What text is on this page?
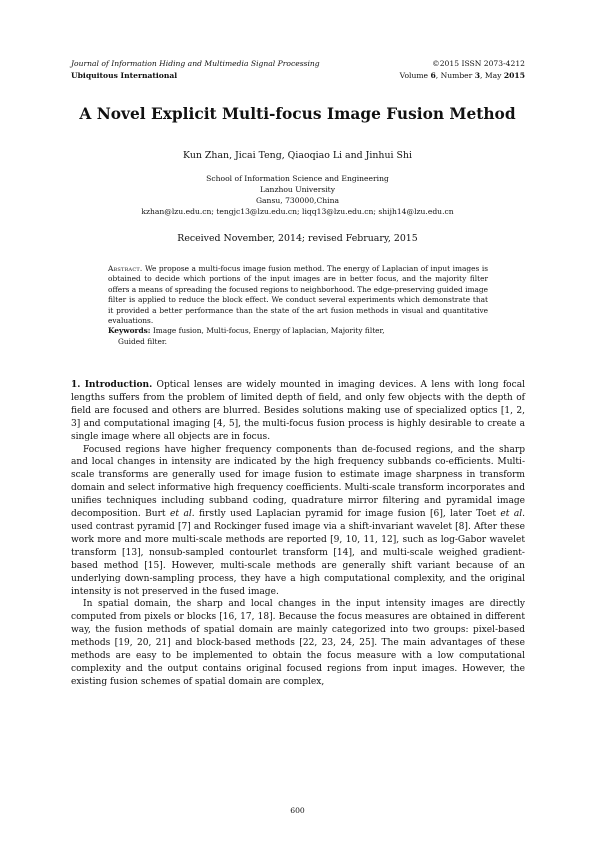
Journal of Information Hiding and Multimedia Signal Processing	©2015 ISSN 2073-4212
Ubiquitous International	Volume 6, Number 3, May 2015
A Novel Explicit Multi-focus Image Fusion Method
Kun Zhan, Jicai Teng, Qiaoqiao Li and Jinhui Shi
School of Information Science and Engineering
Lanzhou University
Gansu, 730000,China
kzhan@lzu.edu.cn; tengjc13@lzu.edu.cn; liqq13@lzu.edu.cn; shijh14@lzu.edu.cn
Received November, 2014; revised February, 2015
Abstract. We propose a multi-focus image fusion method. The energy of Laplacian of input images is obtained to decide which portions of the input images are in better focus, and the majority filter offers a means of spreading the focused regions to neighborhood. The edge-preserving guided image filter is applied to reduce the block effect. We conduct several experiments which demonstrate that it provided a better performance than the state of the art fusion methods in visual and quantitative evaluations.
Keywords: Image fusion, Multi-focus, Energy of laplacian, Majority filter,
Guided filter.

1. Introduction. Optical lenses are widely mounted in imaging devices. A lens with long focal lengths suffers from the problem of limited depth of field, and only few objects with the depth of field are focused and others are blurred. Besides solutions making use of specialized optics [1, 2, 3] and computational imaging [4, 5], the multi-focus fusion process is highly desirable to create a single image where all objects are in focus.

Focused regions have higher frequency components than de-focused regions, and the sharp and local changes in intensity are indicated by the high frequency subbands co-efficients. Multi-scale transforms are generally used for image fusion to estimate image sharpness in transform domain and select informative high frequency coefficients. Multi-scale transform incorporates and unifies techniques including subband coding, quadrature mirror filtering and pyramidal image decomposition. Burt et al. firstly used Laplacian pyramid for image fusion [6], later Toet et al. used contrast pyramid [7] and Rockinger fused image via a shift-invariant wavelet [8]. After these work more and more multi-scale methods are reported [9, 10, 11, 12], such as log-Gabor wavelet transform [13], nonsub-sampled contourlet transform [14], and multi-scale weighed gradient-based method [15]. However, multi-scale methods are generally shift variant because of an underlying down-sampling process, they have a high computational complexity, and the original intensity is not preserved in the fused image.

In spatial domain, the sharp and local changes in the input intensity images are directly computed from pixels or blocks [16, 17, 18]. Because the focus measures are obtained in different way, the fusion methods of spatial domain are mainly categorized into two groups: pixel-based methods [19, 20, 21] and block-based methods [22, 23, 24, 25]. The main advantages of these methods are easy to be implemented to obtain the focus measure with a low computational complexity and the output contains original focused regions from input images. However, the existing fusion schemes of spatial domain are complex,

600
